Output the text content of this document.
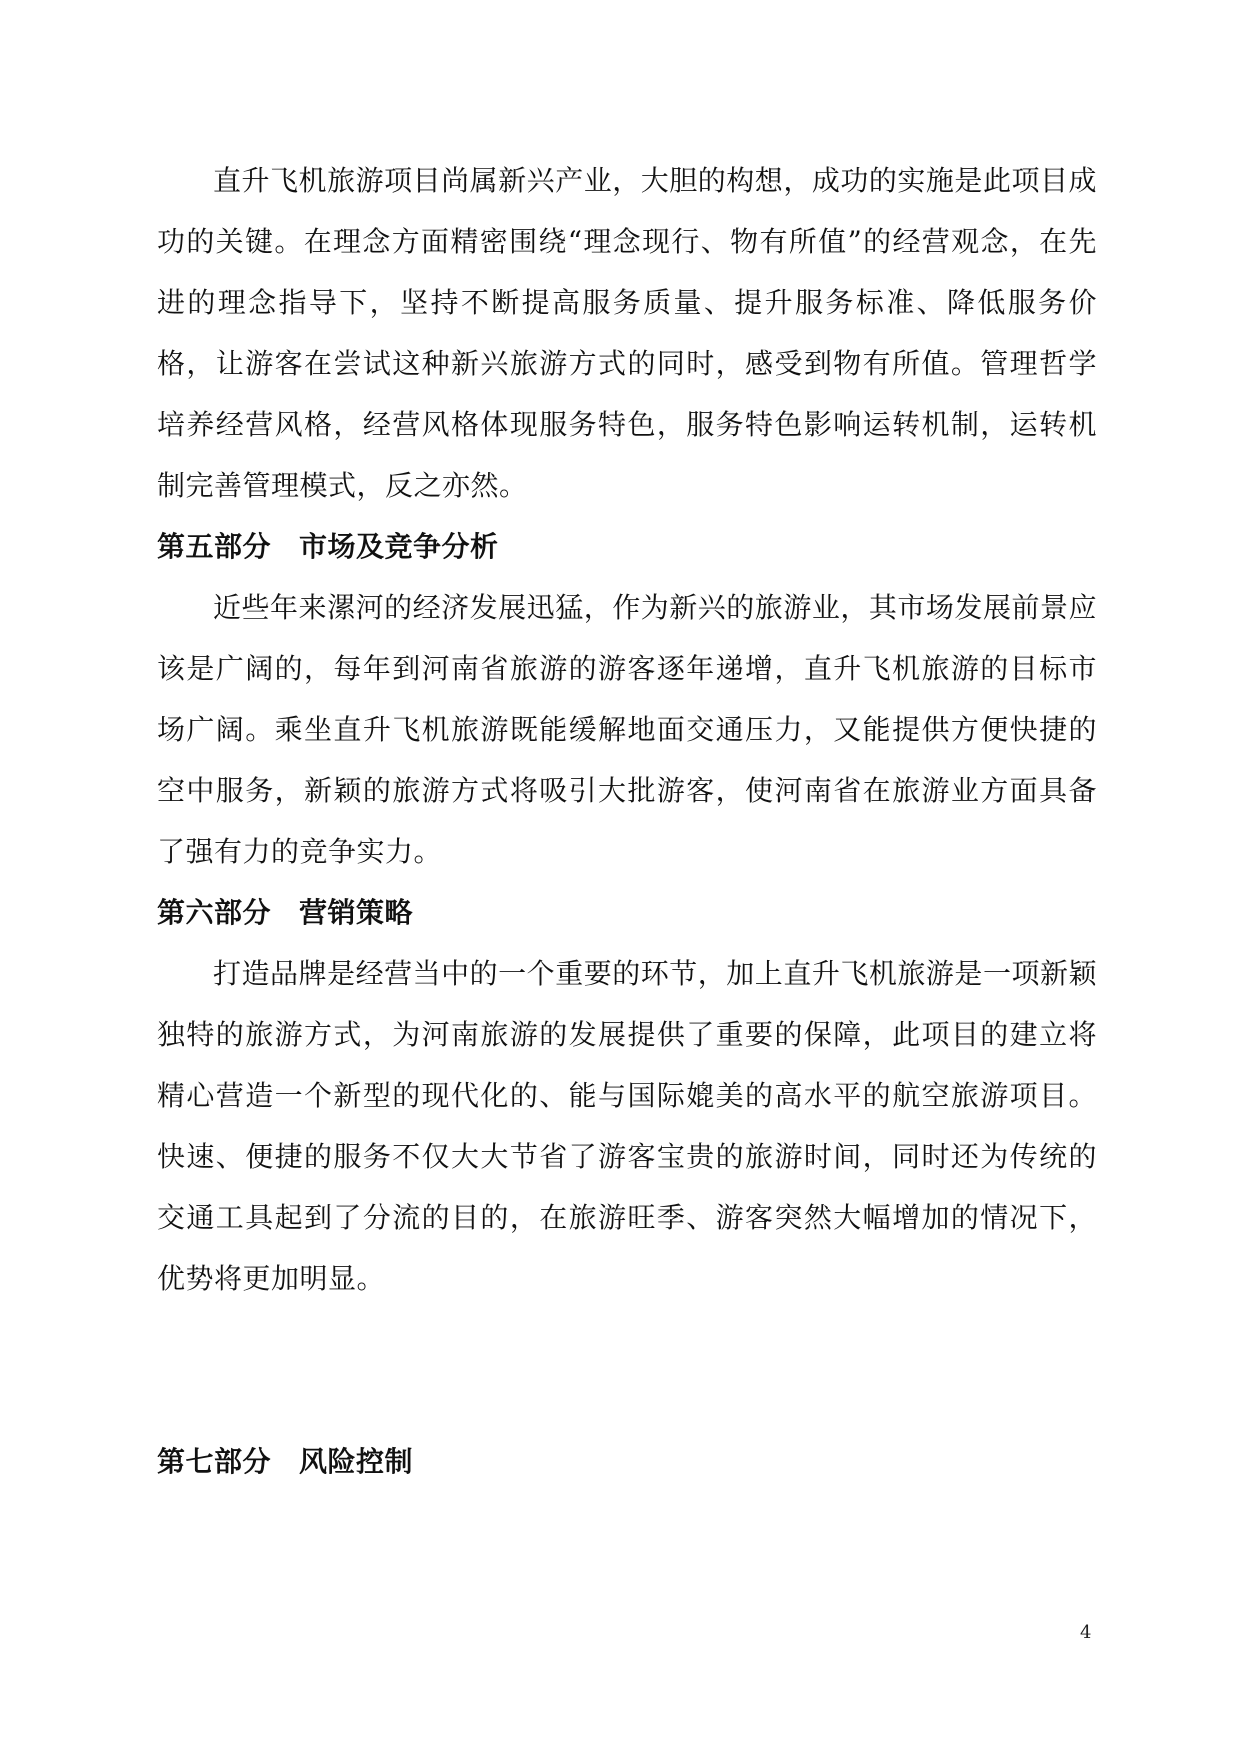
直升飞机旅游项目尚属新兴产业，大胆的构想，成功的实施是此项目成功的关键。在理念方面精密围绕“理念现行、物有所值”的经营观念，在先进的理念指导下，坚持不断提高服务质量、提升服务标准、降低服务价格，让游客在尝试这种新兴旅游方式的同时，感受到物有所值。管理哲学培养经营风格，经营风格体现服务特色，服务特色影响运转机制，运转机制完善管理模式，反之亦然。

第五部分 市场及竞争分析

近些年来漯河的经济发展迅猛，作为新兴的旅游业，其市场发展前景应该是广阔的，每年到河南省旅游的游客逐年递增，直升飞机旅游的目标市场广阔。乘坐直升飞机旅游既能缓解地面交通压力，又能提供方便快捷的空中服务，新颖的旅游方式将吸引大批游客，使河南省在旅游业方面具备了强有力的竞争实力。

第六部分 营销策略

打造品牌是经营当中的一个重要的环节，加上直升飞机旅游是一项新颖独特的旅游方式，为河南旅游的发展提供了重要的保障，此项目的建立将精心营造一个新型的现代化的、能与国际媲美的高水平的航空旅游项目。快速、便捷的服务不仅大大节省了游客宝贵的旅游时间，同时还为传统的交通工具起到了分流的目的，在旅游旺季、游客突然大幅增加的情况下，优势将更加明显。

第七部分 风险控制
4
